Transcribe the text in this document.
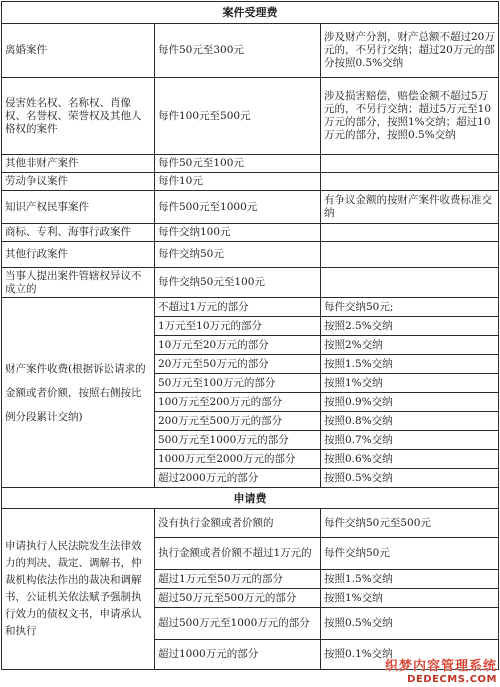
案件受理费		
离婚案件	每件50元至300元	涉及财产分割，财产总额不超过20万元的，不另行交纳；超过20万元的部分按照0.5%交纳
侵害姓名权、名称权、肖像权、名誉权、荣誉权及其他人格权的案件	每件100元至500元	涉及损害赔偿，赔偿金额不超过5万元的，不另行交纳；超过5万元至10万元的部分，按照1%交纳；超过10万元的部分，按照0.5%交纳
其他非财产案件	每件50元至100元	
劳动争议案件	每件10元	
知识产权民事案件	每件500元至1000元	有争议金额的按财产案件收费标准交纳
商标、专利、海事行政案件	每件交纳100元	
其他行政案件	每件交纳50元	
当事人提出案件管辖权异议不成立的	每件交纳50元至100元	
财产案件收费(根据诉讼请求的金额或者价额，按照右侧按比例分段累计交纳)	不超过1万元的部分	每件交纳50元;
	1万元至10万元的部分	按照2.5%交纳
	10万元至20万元的部分	按照2%交纳
	20万元至50万元的部分	按照1.5%交纳
	50万元至100万元的部分	按照1%交纳
	100万元至200万元的部分	按照0.9%交纳
	200万元至500万元的部分	按照0.8%交纳
	500万元至1000万元的部分	按照0.7%交纳
	1000万元至2000万元的部分	按照0.6%交纳
	超过2000万元的部分	按照0.5%交纳
申请费		
申请执行人民法院发生法律效力的判决、裁定、调解书，仲裁机构依法作出的裁决和调解书，公证机关依法赋予强制执行效力的债权文书，申请承认和执行	没有执行金额或者价额的	每件交纳50元至500元
	执行金额或者价额不超过1万元的	每件交纳50元
	超过1万元至50万元的部分	按照1.5%交纳
	超过50万元至500万元的部分	按照1%交纳
	超过500万元至1000万元的部分	按照0.5%交纳
	超过1000万元的部分	按照0.1%交纳
织梦内容管理系统
DEDECMS.COM
